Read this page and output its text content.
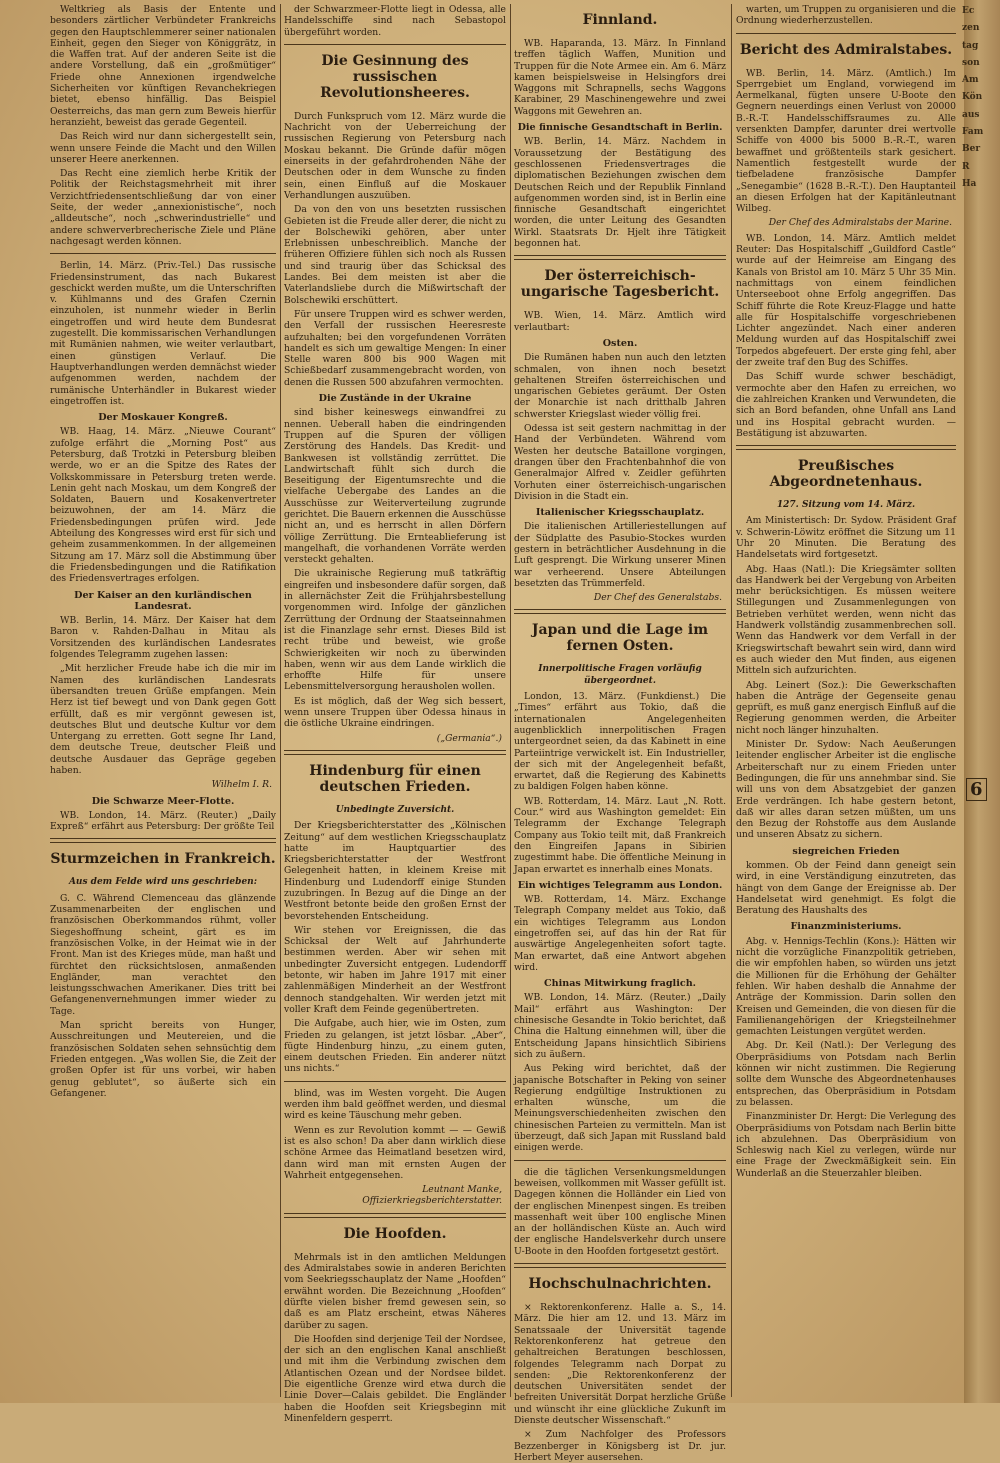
Weltkrieg als Basis der Entente und besonders zärtlicher Verbündeter Frankreichs gegen den Hauptschlemmerer seiner nationalen Einheit, gegen den Sieger von Königgrätz, in die Waffen trat. Auf der anderen Seite ist die andere Vorstellung, daß ein „großmütiger“ Friede ohne Annexionen irgendwelche Sicherheiten vor künftigen Revanchekriegen bietet, ebenso hinfällig. Das Beispiel Oesterreichs, das man gern zum Beweis hierfür heranzieht, beweist das gerade Gegenteil.

Das Reich wird nur dann sichergestellt sein, wenn unsere Feinde die Macht und den Willen unserer Heere anerkennen.

Das Recht eine ziemlich herbe Kritik der Politik der Reichstagsmehrheit mit ihrer Verzichtfriedensentschließung dar von einer Seite, der weder „annexionistische“, noch „alldeutsche“, noch „schwerindustrielle“ und andere schwerverbrecherische Ziele und Pläne nachgesagt werden können.

Berlin, 14. März. (Priv.-Tel.) Das russische Friedensinstrument, das nach Bukarest geschickt werden mußte, um die Unterschriften v. Kühlmanns und des Grafen Czernin einzuholen, ist nunmehr wieder in Berlin eingetroffen und wird heute dem Bundesrat zugestellt. Die kommissarischen Verhandlungen mit Rumänien nahmen, wie weiter verlautbart, einen günstigen Verlauf. Die Hauptverhandlungen werden demnächst wieder aufgenommen werden, nachdem der rumänische Unterhändler in Bukarest wieder eingetroffen ist.

Der Moskauer Kongreß.

WB. Haag, 14. März. „Nieuwe Courant“ zufolge erfährt die „Morning Post“ aus Petersburg, daß Trotzki in Petersburg bleiben werde, wo er an die Spitze des Rates der Volkskommissare in Petersburg treten werde. Lenin geht nach Moskau, um dem Kongreß der Soldaten, Bauern und Kosakenvertreter beizuwohnen, der am 14. März die Friedensbedingungen prüfen wird. Jede Abteilung des Kongresses wird erst für sich und geheim zusammenkommen. In der allgemeinen Sitzung am 17. März soll die Abstimmung über die Friedensbedingungen und die Ratifikation des Friedensvertrages erfolgen.

Der Kaiser an den kurländischen Landesrat.

WB. Berlin, 14. März. Der Kaiser hat dem Baron v. Rahden-Dalhau in Mitau als Vorsitzenden des kurländischen Landesrates folgendes Telegramm zugehen lassen:

„Mit herzlicher Freude habe ich die mir im Namen des kurländischen Landesrats übersandten treuen Grüße empfangen. Mein Herz ist tief bewegt und von Dank gegen Gott erfüllt, daß es mir vergönnt gewesen ist, deutsches Blut und deutsche Kultur vor dem Untergang zu erretten. Gott segne Ihr Land, dem deutsche Treue, deutscher Fleiß und deutsche Ausdauer das Gepräge gegeben haben.

Wilhelm I. R.
Die Schwarze Meer-Flotte.

WB. London, 14. März. (Reuter.) „Daily Expreß“ erfährt aus Petersburg: Der größte Teil

Sturmzeichen in Frankreich.
Aus dem Felde wird uns geschrieben:

G. C. Während Clemenceau das glänzende Zusammenarbeiten der englischen und französischen Oberkommandos rühmt, voller Siegeshoffnung scheint, gärt es im französischen Volke, in der Heimat wie in der Front. Man ist des Krieges müde, man haßt und fürchtet den rücksichtslosen, anmaßenden Engländer, man verachtet den leistungsschwachen Amerikaner. Dies tritt bei Gefangenenvernehmungen immer wieder zu Tage.

Man spricht bereits von Hunger, Ausschreitungen und Meutereien, und die französischen Soldaten sehen sehnsüchtig dem Frieden entgegen. „Was wollen Sie, die Zeit der großen Opfer ist für uns vorbei, wir haben genug geblutet“, so äußerte sich ein Gefangener.

der Schwarzmeer-Flotte liegt in Odessa, alle Handelsschiffe sind nach Sebastopol übergeführt worden.

Die Gesinnung des russischen Revolutionsheeres.

Durch Funkspruch vom 12. März wurde die Nachricht von der Ueberreichung der russischen Regierung von Petersburg nach Moskau bekannt. Die Gründe dafür mögen einerseits in der gefahrdrohenden Nähe der Deutschen oder in dem Wunsche zu finden sein, einen Einfluß auf die Moskauer Verhandlungen auszuüben.

Da von den von uns besetzten russischen Gebieten ist die Freude aller derer, die nicht zu der Bolschewiki gehören, aber unter Erlebnissen unbeschreiblich. Manche der früheren Offiziere fühlen sich noch als Russen und sind traurig über das Schicksal des Landes. Bei dem meisten ist aber die Vaterlandsliebe durch die Mißwirtschaft der Bolschewiki erschüttert.

Für unsere Truppen wird es schwer werden, den Verfall der russischen Heeresreste aufzuhalten; bei den vorgefundenen Vorräten handelt es sich um gewaltige Mengen: In einer Stelle waren 800 bis 900 Wagen mit Schießbedarf zusammengebracht worden, von denen die Russen 500 abzufahren vermochten.

Die Zustände in der Ukraine

sind bisher keineswegs einwandfrei zu nennen. Ueberall haben die eindringenden Truppen auf die Spuren der völligen Zerstörung des Handels. Das Kredit- und Bankwesen ist vollständig zerrüttet. Die Landwirtschaft fühlt sich durch die Beseitigung der Eigentumsrechte und die vielfache Uebergabe des Landes an die Ausschüsse zur Weiterverteilung zugrunde gerichtet. Die Bauern erkennen die Ausschüsse nicht an, und es herrscht in allen Dörfern völlige Zerrüttung. Die Ernteablieferung ist mangelhaft, die vorhandenen Vorräte werden versteckt gehalten.

Die ukrainische Regierung muß tatkräftig eingreifen und insbesondere dafür sorgen, daß in allernächster Zeit die Frühjahrsbestellung vorgenommen wird. Infolge der gänzlichen Zerrüttung der Ordnung der Staatseinnahmen ist die Finanzlage sehr ernst. Dieses Bild ist recht trübe und beweist, wie große Schwierigkeiten wir noch zu überwinden haben, wenn wir aus dem Lande wirklich die erhoffte Hilfe für unsere Lebensmittelversorgung herausholen wollen.

Es ist möglich, daß der Weg sich bessert, wenn unsere Truppen über Odessa hinaus in die östliche Ukraine eindringen.

(„Germania“.)
Hindenburg für einen deutschen Frieden.
Unbedingte Zuversicht.

Der Kriegsberichterstatter des „Kölnischen Zeitung“ auf dem westlichen Kriegsschauplatz hatte im Hauptquartier des Kriegsberichterstatter der Westfront Gelegenheit hatten, in kleinem Kreise mit Hindenburg und Ludendorff einige Stunden zuzubringen. In Bezug auf die Dinge an der Westfront betonte beide den großen Ernst der bevorstehenden Entscheidung.

Wir stehen vor Ereignissen, die das Schicksal der Welt auf Jahrhunderte bestimmen werden. Aber wir sehen mit unbedingter Zuversicht entgegen. Ludendorff betonte, wir haben im Jahre 1917 mit einer zahlenmäßigen Minderheit an der Westfront dennoch standgehalten. Wir werden jetzt mit voller Kraft dem Feinde gegenübertreten.

Die Aufgabe, auch hier, wie im Osten, zum Frieden zu gelangen, ist jetzt lösbar. „Aber“, fügte Hindenburg hinzu, „zu einem guten, einem deutschen Frieden. Ein anderer nützt uns nichts.“

blind, was im Westen vorgeht. Die Augen werden ihm bald geöffnet werden, und diesmal wird es keine Täuschung mehr geben.

Wenn es zur Revolution kommt — — Gewiß ist es also schon! Da aber dann wirklich diese schöne Armee das Heimatland besetzen wird, dann wird man mit ernsten Augen der Wahrheit entgegensehen.

Leutnant Manke, Offizierkriegsberichterstatter.
Die Hoofden.

Mehrmals ist in den amtlichen Meldungen des Admiralstabes sowie in anderen Berichten vom Seekriegsschauplatz der Name „Hoofden“ erwähnt worden. Die Bezeichnung „Hoofden“ dürfte vielen bisher fremd gewesen sein, so daß es am Platz erscheint, etwas Näheres darüber zu sagen.

Die Hoofden sind derjenige Teil der Nordsee, der sich an den englischen Kanal anschließt und mit ihm die Verbindung zwischen dem Atlantischen Ozean und der Nordsee bildet. Die eigentliche Grenze wird etwa durch die Linie Dover—Calais gebildet. Die Engländer haben die Hoofden seit Kriegsbeginn mit Minenfeldern gesperrt.

Finnland.

WB. Haparanda, 13. März. In Finnland treffen täglich Waffen, Munition und Truppen für die Note Armee ein. Am 6. März kamen beispielsweise in Helsingfors drei Waggons mit Schrapnells, sechs Waggons Karabiner, 29 Maschinengewehre und zwei Waggons mit Gewehren an.

Die finnische Gesandtschaft in Berlin.

WB. Berlin, 14. März. Nachdem in Voraussetzung der Bestätigung des geschlossenen Friedensvertrages die diplomatischen Beziehungen zwischen dem Deutschen Reich und der Republik Finnland aufgenommen worden sind, ist in Berlin eine finnische Gesandtschaft eingerichtet worden, die unter Leitung des Gesandten Wirkl. Staatsrats Dr. Hjelt ihre Tätigkeit begonnen hat.

Der österreichisch-ungarische Tagesbericht.

WB. Wien, 14. März. Amtlich wird verlautbart:

Osten.

Die Rumänen haben nun auch den letzten schmalen, von ihnen noch besetzt gehaltenen Streifen österreichischen und ungarischen Gebietes geräumt. Der Osten der Monarchie ist nach dritthalb Jahren schwerster Kriegslast wieder völlig frei.

Odessa ist seit gestern nachmittag in der Hand der Verbündeten. Während vom Westen her deutsche Bataillone vorgingen, drangen über den Frachtenbahnhof die von Generalmajor Alfred v. Zeidler geführten Vorhuten einer österreichisch-ungarischen Division in die Stadt ein.

Italienischer Kriegsschauplatz.

Die italienischen Artilleriestellungen auf der Südplatte des Pasubio-Stockes wurden gestern in beträchtlicher Ausdehnung in die Luft gesprengt. Die Wirkung unserer Minen war verheerend. Unsere Abteilungen besetzten das Trümmerfeld.

Der Chef des Generalstabs.
Japan und die Lage im fernen Osten.
Innerpolitische Fragen vorläufig übergeordnet.

London, 13. März. (Funkdienst.) Die „Times“ erfährt aus Tokio, daß die internationalen Angelegenheiten augenblicklich innerpolitischen Fragen untergeordnet seien, da das Kabinett in eine Parteiintrige verwickelt ist. Ein Industrieller, der sich mit der Angelegenheit befaßt, erwartet, daß die Regierung des Kabinetts zu baldigen Folgen haben könne.

WB. Rotterdam, 14. März. Laut „N. Rott. Cour.“ wird aus Washington gemeldet: Ein Telegramm der Exchange Telegraph Company aus Tokio teilt mit, daß Frankreich den Eingreifen Japans in Sibirien zugestimmt habe. Die öffentliche Meinung in Japan erwartet es innerhalb eines Monats.

Ein wichtiges Telegramm aus London.

WB. Rotterdam, 14. März. Exchange Telegraph Company meldet aus Tokio, daß ein wichtiges Telegramm aus London eingetroffen sei, auf das hin der Rat für auswärtige Angelegenheiten sofort tagte. Man erwartet, daß eine Antwort abgehen wird.

Chinas Mitwirkung fraglich.

WB. London, 14. März. (Reuter.) „Daily Mail“ erfährt aus Washington: Der chinesische Gesandte in Tokio berichtet, daß China die Haltung einnehmen will, über die Entscheidung Japans hinsichtlich Sibiriens sich zu äußern.

Aus Peking wird berichtet, daß der japanische Botschafter in Peking von seiner Regierung endgültige Instruktionen zu erhalten wünsche, um die Meinungsverschiedenheiten zwischen den chinesischen Parteien zu vermitteln. Man ist überzeugt, daß sich Japan mit Russland bald einigen werde.

die die täglichen Versenkungsmeldungen beweisen, vollkommen mit Wasser gefüllt ist. Dagegen können die Holländer ein Lied von der englischen Minenpest singen. Es treiben massenhaft weit über 100 englische Minen an der holländischen Küste an. Auch wird der englische Handelsverkehr durch unsere U-Boote in den Hoofden fortgesetzt gestört.

Hochschulnachrichten.

× Rektorenkonferenz. Halle a. S., 14. März. Die hier am 12. und 13. März im Senatssaale der Universität tagende Rektorenkonferenz hat getreue den gehaltreichen Beratungen beschlossen, folgendes Telegramm nach Dorpat zu senden: „Die Rektorenkonferenz der deutschen Universitäten sendet der befreiten Universität Dorpat herzliche Grüße und wünscht ihr eine glückliche Zukunft im Dienste deutscher Wissenschaft.“

× Zum Nachfolger des Professors Bezzenberger in Königsberg ist Dr. jur. Herbert Meyer ausersehen.

warten, um Truppen zu organisieren und die Ordnung wiederherzustellen.

Bericht des Admiralstabes.

WB. Berlin, 14. März. (Amtlich.) Im Sperrgebiet um England, vorwiegend im Aermelkanal, fügten unsere U-Boote den Gegnern neuerdings einen Verlust von 20000 B.-R.-T. Handelsschiffsraumes zu. Alle versenkten Dampfer, darunter drei wertvolle Schiffe von 4000 bis 5000 B.-R.-T., waren bewaffnet und größtenteils stark gesichert. Namentlich festgestellt wurde der tiefbeladene französische Dampfer „Senegambie“ (1628 B.-R.-T.). Den Hauptanteil an diesen Erfolgen hat der Kapitänleutnant Wilbeg.

Der Chef des Admiralstabs der Marine.

WB. London, 14. März. Amtlich meldet Reuter: Das Hospitalschiff „Guildford Castle“ wurde auf der Heimreise am Eingang des Kanals von Bristol am 10. März 5 Uhr 35 Min. nachmittags von einem feindlichen Unterseeboot ohne Erfolg angegriffen. Das Schiff führte die Rote Kreuz-Flagge und hatte alle für Hospitalschiffe vorgeschriebenen Lichter angezündet. Nach einer anderen Meldung wurden auf das Hospitalschiff zwei Torpedos abgefeuert. Der erste ging fehl, aber der zweite traf den Bug des Schiffes.

Das Schiff wurde schwer beschädigt, vermochte aber den Hafen zu erreichen, wo die zahlreichen Kranken und Verwundeten, die sich an Bord befanden, ohne Unfall ans Land und ins Hospital gebracht wurden. — Bestätigung ist abzuwarten.

Preußisches Abgeordnetenhaus.
127. Sitzung vom 14. März.

Am Ministertisch: Dr. Sydow. Präsident Graf v. Schwerin-Löwitz eröffnet die Sitzung um 11 Uhr 20 Minuten. Die Beratung des Handelsetats wird fortgesetzt.

Abg. Haas (Natl.): Die Kriegsämter sollten das Handwerk bei der Vergebung von Arbeiten mehr berücksichtigen. Es müssen weitere Stillegungen und Zusammenlegungen von Betrieben verhütet werden, wenn nicht das Handwerk vollständig zusammenbrechen soll. Wenn das Handwerk vor dem Verfall in der Kriegswirtschaft bewahrt sein wird, dann wird es auch wieder den Mut finden, aus eigenen Mitteln sich aufzurichten.

Abg. Leinert (Soz.): Die Gewerkschaften haben die Anträge der Gegenseite genau geprüft, es muß ganz energisch Einfluß auf die Regierung genommen werden, die Arbeiter nicht noch länger hinzuhalten.

Minister Dr. Sydow: Nach Aeußerungen leitender englischer Arbeiter ist die englische Arbeiterschaft nur zu einem Frieden unter Bedingungen, die für uns annehmbar sind. Sie will uns von dem Absatzgebiet der ganzen Erde verdrängen. Ich habe gestern betont, daß wir alles daran setzen müßten, um uns den Bezug der Rohstoffe aus dem Auslande und unseren Absatz zu sichern.

siegreichen Frieden

kommen. Ob der Feind dann geneigt sein wird, in eine Verständigung einzutreten, das hängt von dem Gange der Ereignisse ab. Der Handelsetat wird genehmigt. Es folgt die Beratung des Haushalts des

Finanzministeriums.

Abg. v. Hennigs-Techlin (Kons.): Hätten wir nicht die vorzügliche Finanzpolitik getrieben, die wir empfohlen haben, so würden uns jetzt die Millionen für die Erhöhung der Gehälter fehlen. Wir haben deshalb die Annahme der Anträge der Kommission. Darin sollen den Kreisen und Gemeinden, die von diesen für die Familienangehörigen der Kriegsteilnehmer gemachten Leistungen vergütet werden.

Abg. Dr. Keil (Natl.): Der Verlegung des Oberpräsidiums von Potsdam nach Berlin können wir nicht zustimmen. Die Regierung sollte dem Wunsche des Abgeordnetenhauses entsprechen, das Oberpräsidium in Potsdam zu belassen.

Finanzminister Dr. Hergt: Die Verlegung des Oberpräsidiums von Potsdam nach Berlin bitte ich abzulehnen. Das Oberpräsidium von Schleswig nach Kiel zu verlegen, würde nur eine Frage der Zweckmäßigkeit sein. Ein Wunderlaß an die Steuerzahler bleiben.

Ec
zen
tag
son
Am
Kön
aus
Fam
Ber
R
Ha
6
